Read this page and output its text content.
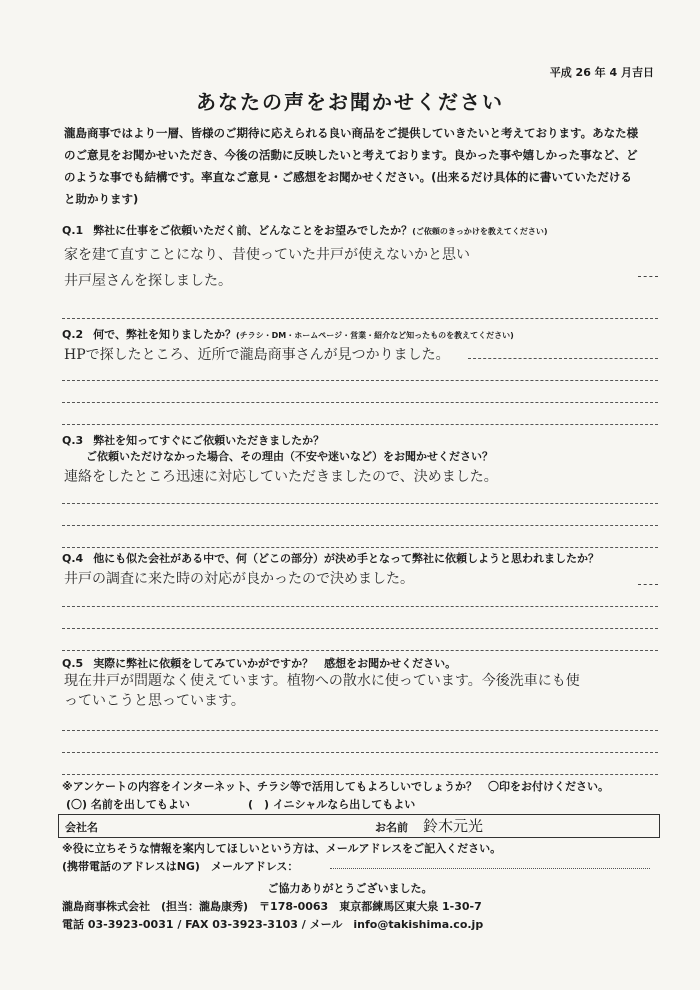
平成 26 年 4 月吉日
あなたの声をお聞かせください
瀧島商事ではより一層、皆様のご期待に応えられる良い商品をご提供していきたいと考えております。あなた様
のご意見をお聞かせいただき、今後の活動に反映したいと考えております。良かった事や嬉しかった事など、ど
のような事でも結構です。率直なご意見・ご感想をお聞かせください。(出来るだけ具体的に書いていただける
と助かります)
Q.1 弊社に仕事をご依頼いただく前、どんなことをお望みでしたか？(ご依頼のきっかけを教えてください)
家を建て直すことになり、昔使っていた井戸が使えないかと思い
井戸屋さんを探しました。
Q.2 何で、弊社を知りましたか？(チラシ・DM・ホームページ・営業・紹介など知ったものを教えてください)
HPで探したところ、近所で瀧島商事さんが見つかりました。
Q.3 弊社を知ってすぐにご依頼いただきましたか？
ご依頼いただけなかった場合、その理由（不安や迷いなど）をお聞かせください？
連絡をしたところ迅速に対応していただきましたので、決めました。
Q.4 他にも似た会社がある中で、何（どこの部分）が決め手となって弊社に依頼しようと思われましたか？
井戸の調査に来た時の対応が良かったので決めました。
Q.5 実際に弊社に依頼をしてみていかがですか？　感想をお聞かせください。
現在井戸が問題なく使えています。植物への散水に使っています。今後洗車にも使
っていこうと思っています。
※アンケートの内容をインターネット、チラシ等で活用してもよろしいでしょうか？　〇印をお付けください。
(〇) 名前を出してもよい	(　) イニシャルなら出してもよい
会社名	お名前 鈴木元光
※役に立ちそうな情報を案内してほしいという方は、メールアドレスをご記入ください。
(携帯電話のアドレスはNG)　メールアドレス：
ご協力ありがとうございました。
瀧島商事株式会社　(担当：瀧島康秀)　〒178-0063　東京都練馬区東大泉 1-30-7
電話 03-3923-0031 / FAX 03-3923-3103 / メール　info@takishima.co.jp
